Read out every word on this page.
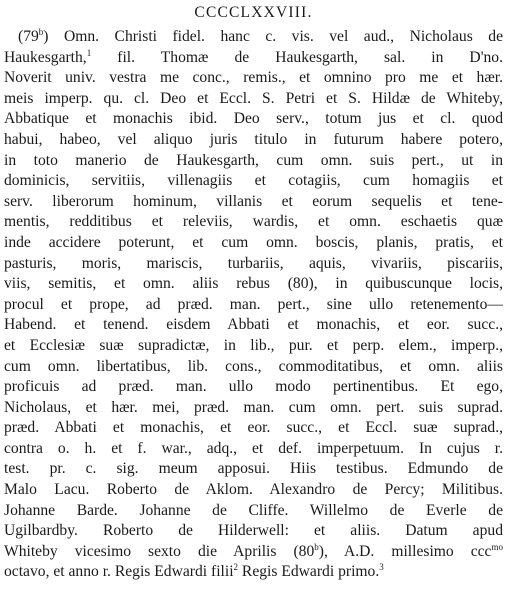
CCCCLXXVIII.
(79$^b$) Omn. Christi fidel. hanc c. vis. vel aud., Nicholaus de
Haukesgarth,$^1$ fil. Thomæ de Haukesgarth, sal. in D'no.
Noverit univ. vestra me conc., remis., et omnino pro me et hær.
meis imperp. qu. cl. Deo et Eccl. S. Petri et S. Hildæ de Whiteby,
Abbatique et monachis ibid. Deo serv., totum jus et cl. quod
habui, habeo, vel aliquo juris titulo in futurum habere potero,
in toto manerio de Haukesgarth, cum omn. suis pert., ut in
dominicis, servitiis, villenagiis et cotagiis, cum homagiis et
serv. liberorum hominum, villanis et eorum sequelis et tene-
mentis, redditibus et releviis, wardis, et omn. eschaetis quæ
inde accidere poterunt, et cum omn. boscis, planis, pratis, et
pasturis, moris, mariscis, turbariis, aquis, vivariis, piscariis,
viis, semitis, et omn. aliis rebus (80), in quibuscunque locis,
procul et prope, ad præd. man. pert., sine ullo retenemento—
Habend. et tenend. eisdem Abbati et monachis, et eor. succ.,
et Ecclesiæ suæ supradictæ, in lib., pur. et perp. elem., imperp.,
cum omn. libertatibus, lib. cons., commoditatibus, et omn. aliis
proficuis ad præd. man. ullo modo pertinentibus. Et ego,
Nicholaus, et hær. mei, præd. man. cum omn. pert. suis suprad.
præd. Abbati et monachis, et eor. succ., et Eccl. suæ suprad.,
contra o. h. et f. war., adq., et def. imperpetuum. In cujus r.
test. pr. c. sig. meum apposui. Hiis testibus. Edmundo de
Malo Lacu. Roberto de Aklom. Alexandro de Percy; Militibus.
Johanne Barde. Johanne de Cliffe. Willelmo de Everle de
Ugilbardby. Roberto de Hilderwell: et aliis. Datum apud
Whiteby vicesimo sexto die Aprilis (80$^b$), A.D. millesimo ccc$^{mo}$
octavo, et anno r. Regis Edwardi filii$^2$ Regis Edwardi primo.$^3$
